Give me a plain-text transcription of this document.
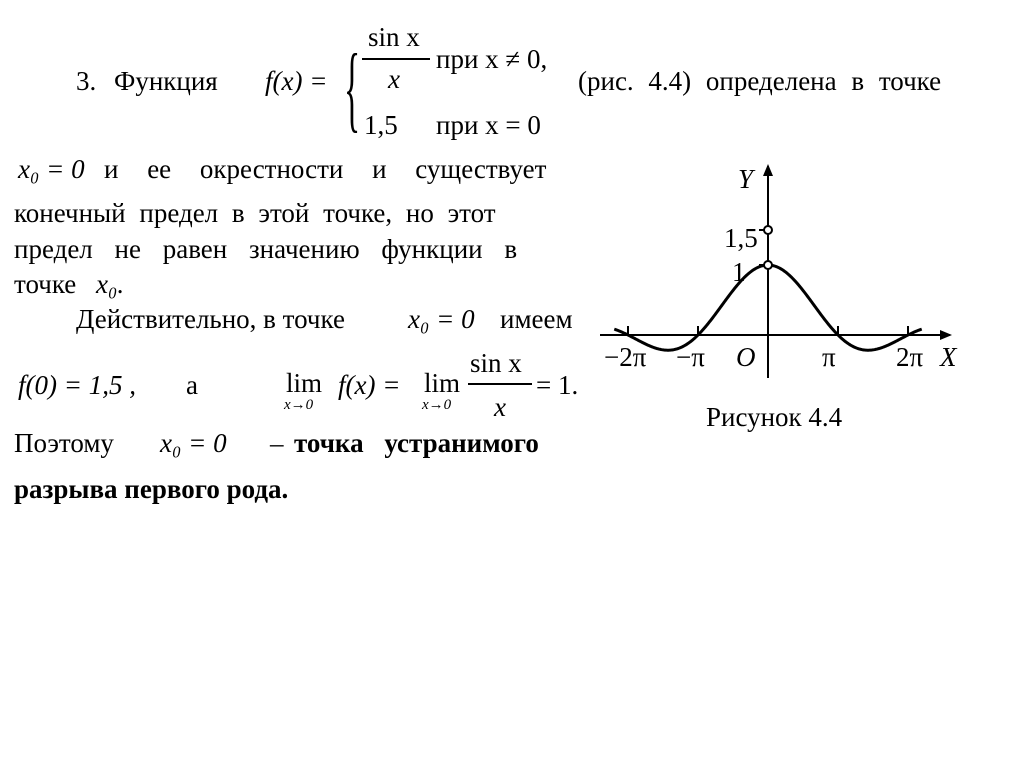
3. Функция f(x) = { sin x
x
при x ≠ 0,
1,5 при x = 0
(рис. 4.4) определена в точке
x₀ = 0 и ее окрестности и существует
конечный предел в этой точке, но этот
предел не равен значению функции в
точке x₀.
Действительно, в точке x₀ = 0 имеем
f(0) = 1,5 , а	lim
x→0
f(x) = lim
x→0
sin x
x
= 1.
Поэтому x₀ = 0 – точка устранимого
разрыва первого рода.
Y
1,5
1
−2π −π O π 2π X
Рисунок 4.4
